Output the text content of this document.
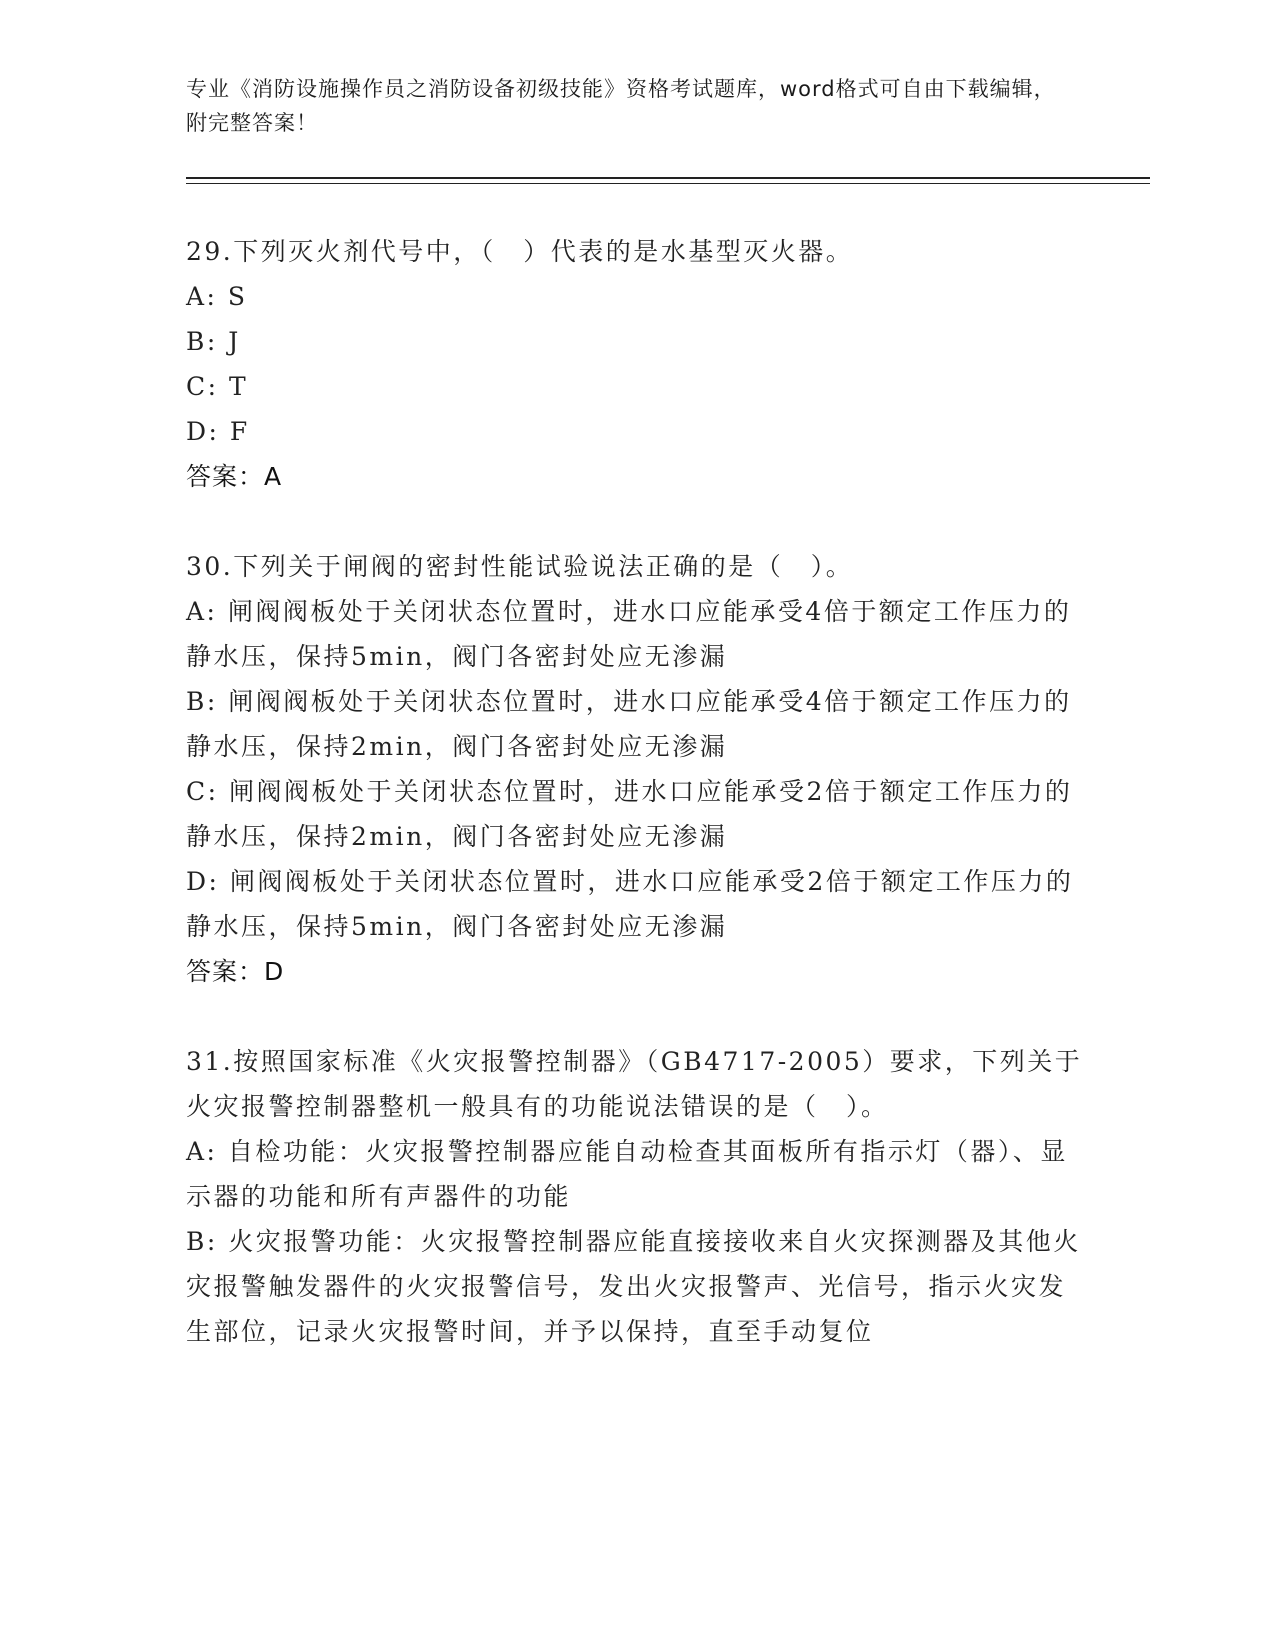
专业《消防设施操作员之消防设备初级技能》资格考试题库，word格式可自由下载编辑，附完整答案！
29.下列灭火剂代号中，（　）代表的是水基型灭火器。
A: S
B: J
C: T
D: F
答案：A
30.下列关于闸阀的密封性能试验说法正确的是（　）。
A: 闸阀阀板处于关闭状态位置时，进水口应能承受4倍于额定工作压力的静水压，保持5min，阀门各密封处应无渗漏
B: 闸阀阀板处于关闭状态位置时，进水口应能承受4倍于额定工作压力的静水压，保持2min，阀门各密封处应无渗漏
C: 闸阀阀板处于关闭状态位置时，进水口应能承受2倍于额定工作压力的静水压，保持2min，阀门各密封处应无渗漏
D: 闸阀阀板处于关闭状态位置时，进水口应能承受2倍于额定工作压力的静水压，保持5min，阀门各密封处应无渗漏
答案：D
31.按照国家标准《火灾报警控制器》（GB4717-2005）要求，下列关于火灾报警控制器整机一般具有的功能说法错误的是（　）。
A: 自检功能：火灾报警控制器应能自动检查其面板所有指示灯（器）、显示器的功能和所有声器件的功能
B: 火灾报警功能：火灾报警控制器应能直接接收来自火灾探测器及其他火灾报警触发器件的火灾报警信号，发出火灾报警声、光信号，指示火灾发生部位，记录火灾报警时间，并予以保持，直至手动复位
